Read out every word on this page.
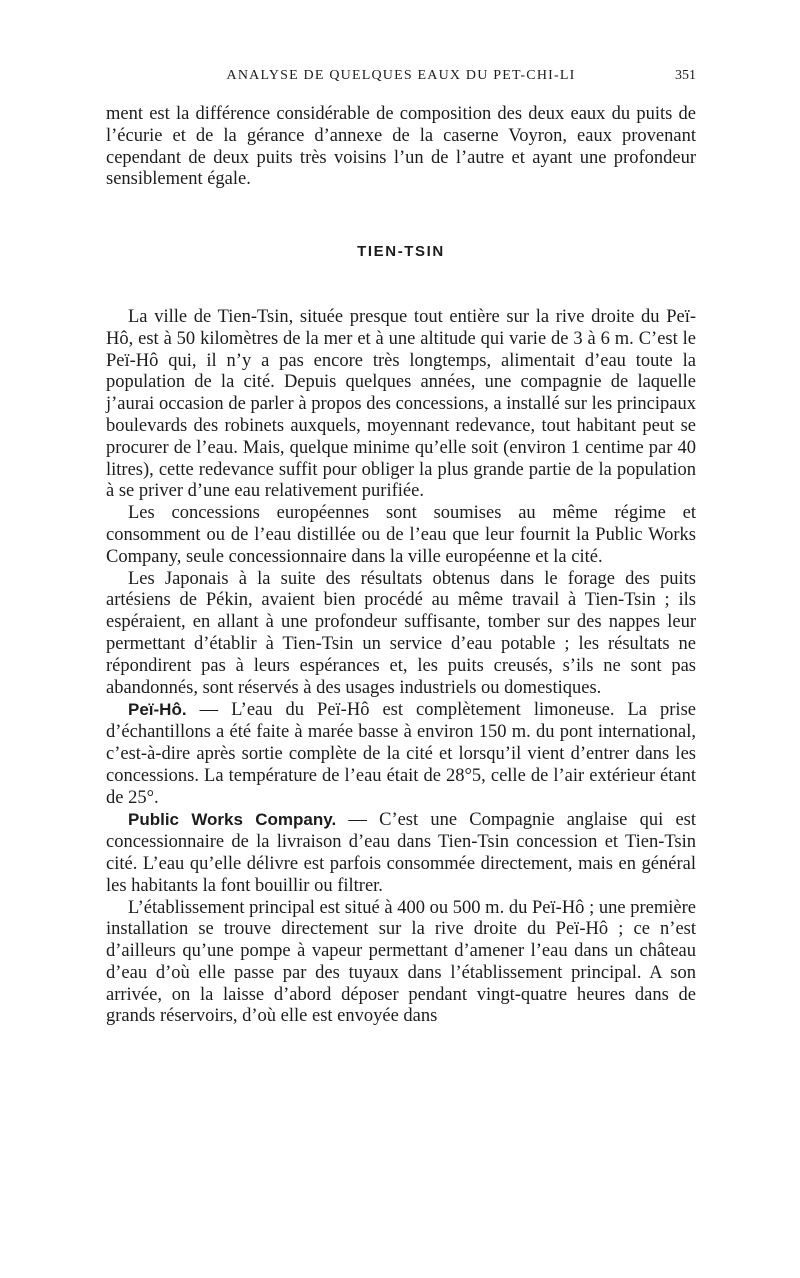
ANALYSE DE QUELQUES EAUX DU PET-CHI-LI	351

ment est la différence considérable de composition des deux eaux du puits de l’écurie et de la gérance d’annexe de la caserne Voyron, eaux provenant cependant de deux puits très voisins l’un de l’autre et ayant une profondeur sensiblement égale.

TIEN-TSIN

La ville de Tien-Tsin, située presque tout entière sur la rive droite du Peï-Hô, est à 50 kilomètres de la mer et à une altitude qui varie de 3 à 6 m. C’est le Peï-Hô qui, il n’y a pas encore très longtemps, alimentait d’eau toute la population de la cité. Depuis quelques années, une compagnie de laquelle j’aurai occasion de parler à propos des concessions, a installé sur les principaux boulevards des robinets auxquels, moyennant redevance, tout habitant peut se procurer de l’eau. Mais, quelque minime qu’elle soit (environ 1 centime par 40 litres), cette redevance suffit pour obliger la plus grande partie de la population à se priver d’une eau relativement purifiée.

Les concessions européennes sont soumises au même régime et consomment ou de l’eau distillée ou de l’eau que leur fournit la Public Works Company, seule concessionnaire dans la ville européenne et la cité.

Les Japonais à la suite des résultats obtenus dans le forage des puits artésiens de Pékin, avaient bien procédé au même travail à Tien-Tsin ; ils espéraient, en allant à une profondeur suffisante, tomber sur des nappes leur permettant d’établir à Tien-Tsin un service d’eau potable ; les résultats ne répondirent pas à leurs espérances et, les puits creusés, s’ils ne sont pas abandonnés, sont réservés à des usages industriels ou domestiques.

Peï-Hô. — L’eau du Peï-Hô est complètement limoneuse. La prise d’échantillons a été faite à marée basse à environ 150 m. du pont international, c’est-à-dire après sortie complète de la cité et lorsqu’il vient d’entrer dans les concessions. La température de l’eau était de 28°5, celle de l’air extérieur étant de 25°.

Public Works Company. — C’est une Compagnie anglaise qui est concessionnaire de la livraison d’eau dans Tien-Tsin concession et Tien-Tsin cité. L’eau qu’elle délivre est parfois consommée directement, mais en général les habitants la font bouillir ou filtrer.

L’établissement principal est situé à 400 ou 500 m. du Peï-Hô ; une première installation se trouve directement sur la rive droite du Peï-Hô ; ce n’est d’ailleurs qu’une pompe à vapeur permettant d’amener l’eau dans un château d’eau d’où elle passe par des tuyaux dans l’établissement principal. A son arrivée, on la laisse d’abord déposer pendant vingt-quatre heures dans de grands réservoirs, d’où elle est envoyée dans
